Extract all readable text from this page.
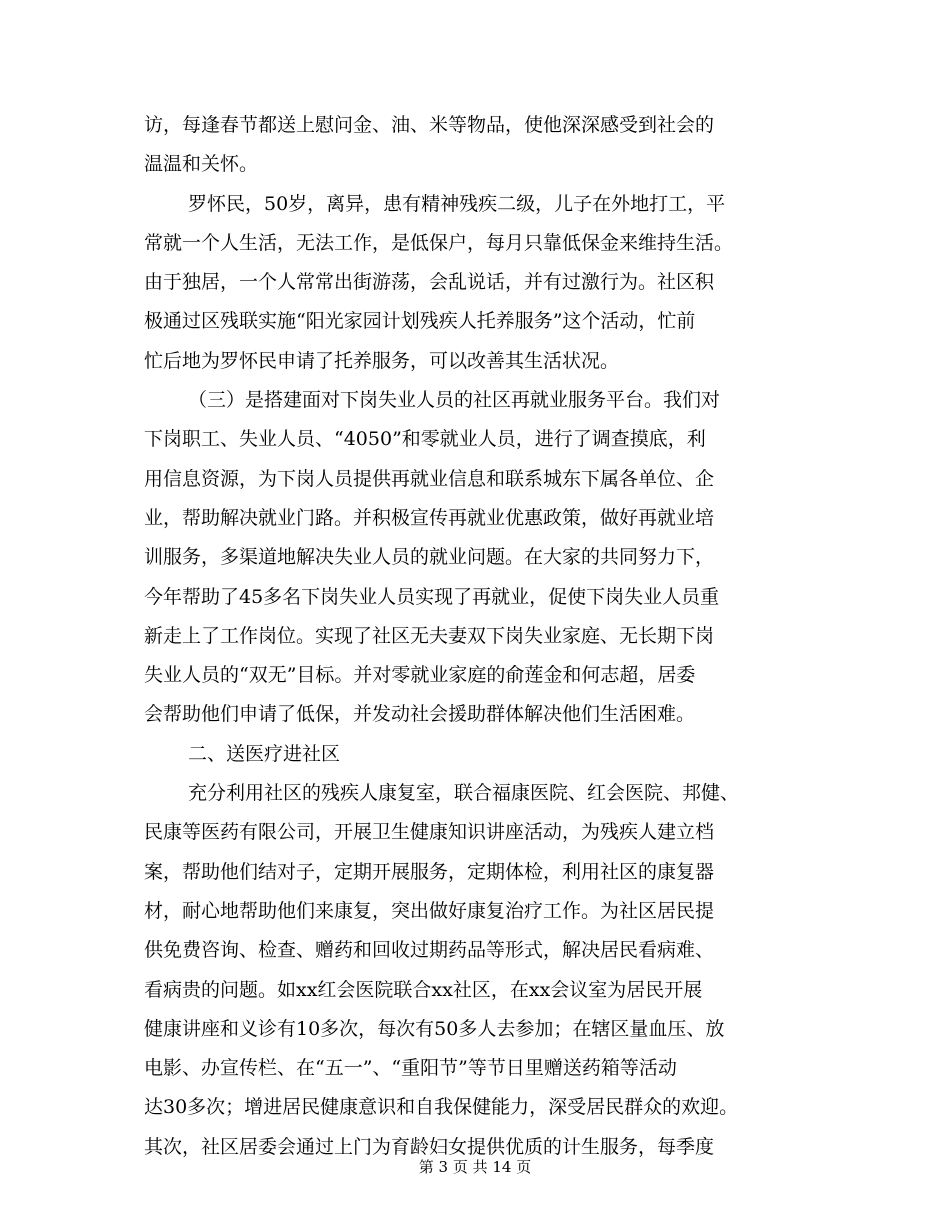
访，每逢春节都送上慰问金、油、米等物品，使他深深感受到社会的
温温和关怀。
罗怀民，50岁，离异，患有精神残疾二级，儿子在外地打工，平
常就一个人生活，无法工作，是低保户，每月只靠低保金来维持生活。
由于独居，一个人常常出街游荡，会乱说话，并有过激行为。社区积
极通过区残联实施“阳光家园计划残疾人托养服务”这个活动，忙前
忙后地为罗怀民申请了托养服务，可以改善其生活状况。
（三）是搭建面对下岗失业人员的社区再就业服务平台。我们对
下岗职工、失业人员、“4050”和零就业人员，进行了调查摸底，利
用信息资源，为下岗人员提供再就业信息和联系城东下属各单位、企
业，帮助解决就业门路。并积极宣传再就业优惠政策，做好再就业培
训服务，多渠道地解决失业人员的就业问题。在大家的共同努力下，
今年帮助了45多名下岗失业人员实现了再就业，促使下岗失业人员重
新走上了工作岗位。实现了社区无夫妻双下岗失业家庭、无长期下岗
失业人员的“双无”目标。并对零就业家庭的俞莲金和何志超，居委
会帮助他们申请了低保，并发动社会援助群体解决他们生活困难。
二、送医疗进社区
充分利用社区的残疾人康复室，联合福康医院、红会医院、邦健、
民康等医药有限公司，开展卫生健康知识讲座活动，为残疾人建立档
案，帮助他们结对子，定期开展服务，定期体检，利用社区的康复器
材，耐心地帮助他们来康复，突出做好康复治疗工作。为社区居民提
供免费咨询、检查、赠药和回收过期药品等形式，解决居民看病难、
看病贵的问题。如xx红会医院联合xx社区，在xx会议室为居民开展
健康讲座和义诊有10多次，每次有50多人去参加；在辖区量血压、放
电影、办宣传栏、在“五一”、“重阳节”等节日里赠送药箱等活动
达30多次；增进居民健康意识和自我保健能力，深受居民群众的欢迎。
其次，社区居委会通过上门为育龄妇女提供优质的计生服务，每季度
第 3 页 共 14 页
